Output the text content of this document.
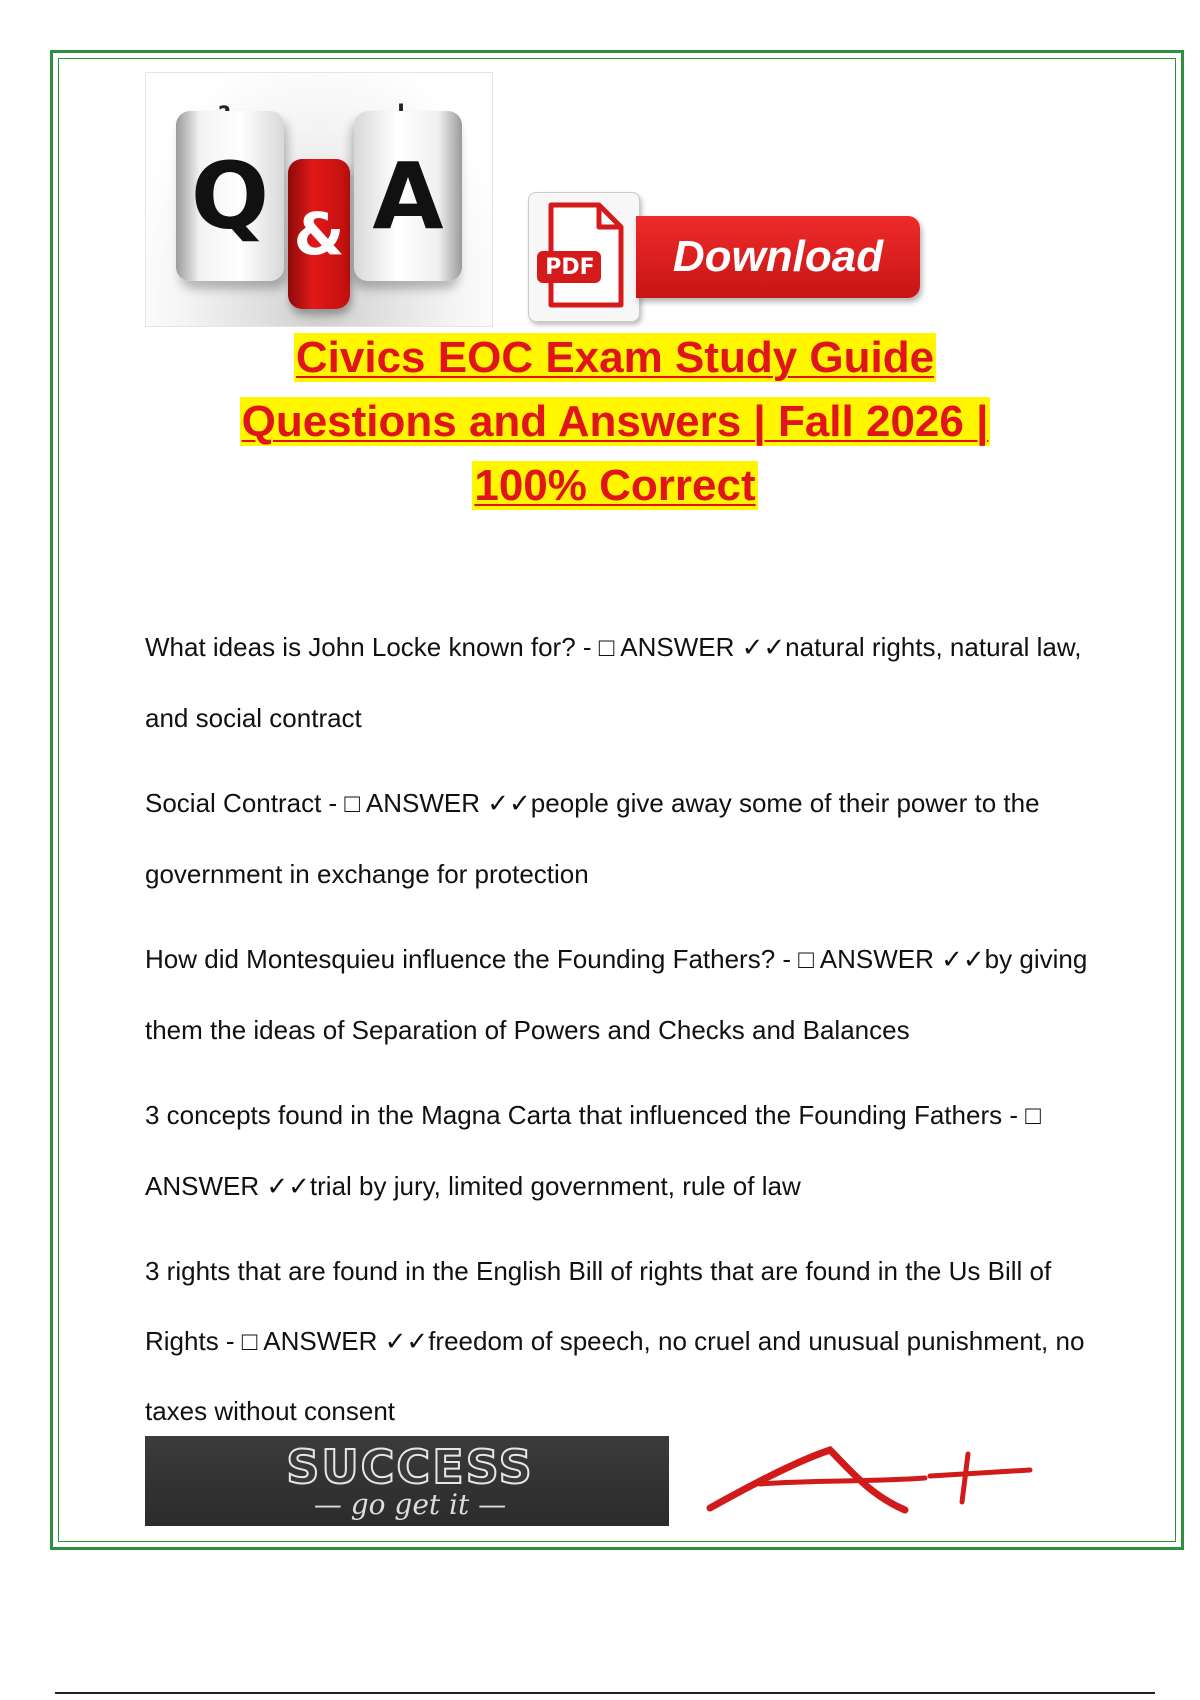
Q & A
PDF	Download
Civics EOC Exam Study Guide
Questions and Answers | Fall 2026 |
100% Correct

What ideas is John Locke known for? - □ ANSWER ✓✓natural rights, natural law, and social contract

Social Contract - □ ANSWER ✓✓people give away some of their power to the government in exchange for protection

How did Montesquieu influence the Founding Fathers? - □ ANSWER ✓✓by giving them the ideas of Separation of Powers and Checks and Balances

3 concepts found in the Magna Carta that influenced the Founding Fathers - □ ANSWER ✓✓trial by jury, limited government, rule of law

3 rights that are found in the English Bill of rights that are found in the Us Bill of Rights - □ ANSWER ✓✓freedom of speech, no cruel and unusual punishment, no taxes without consent

SUCCESS
— go get it —
